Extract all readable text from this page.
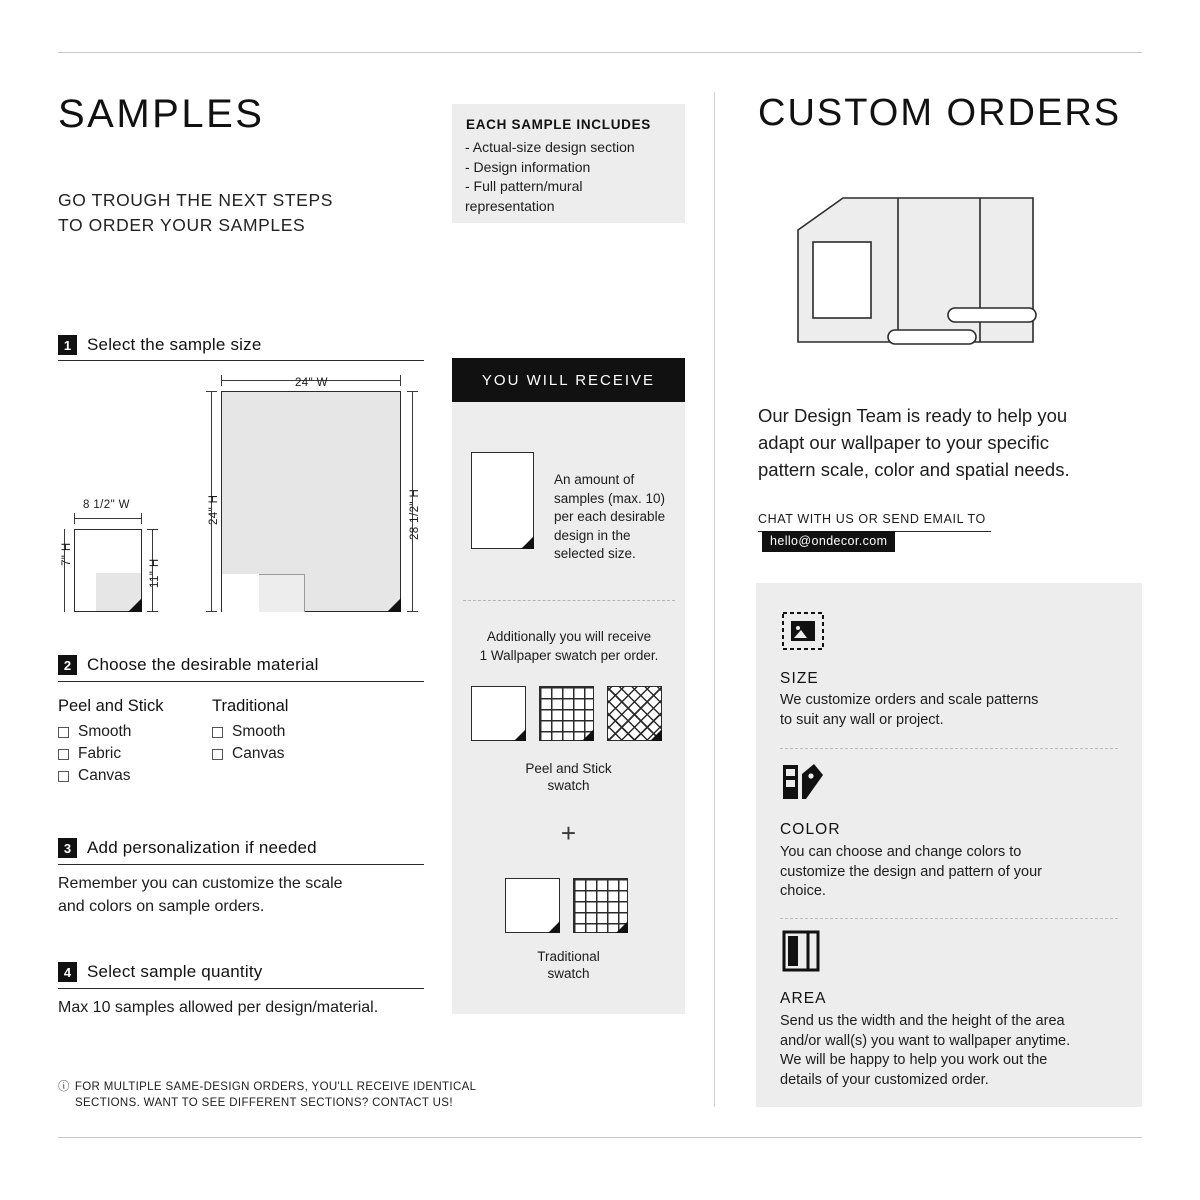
SAMPLES
GO TROUGH THE NEXT STEPS
TO ORDER YOUR SAMPLES
EACH SAMPLE INCLUDES
- Actual-size design section
- Design information
- Full pattern/mural
representation
1 Select the sample size
8 1/2" W
7" H
11" H
24" W
24" H	28 1/2" H
2 Choose the desirable material
Peel and Stick
Smooth
Fabric
Canvas
Traditional
Smooth
Canvas
3 Add personalization if needed
Remember you can customize the scale
and colors on sample orders.
4 Select sample quantity
Max 10 samples allowed per design/material.
ⓘ FOR MULTIPLE SAME-DESIGN ORDERS, YOU'LL RECEIVE IDENTICAL
SECTIONS. WANT TO SEE DIFFERENT SECTIONS? CONTACT US!
YOU WILL RECEIVE
An amount of
samples (max. 10)
per each desirable
design in the
selected size.
Additionally you will receive
1 Wallpaper swatch per order.
Peel and Stick
swatch
+
Traditional
swatch
CUSTOM ORDERS
Our Design Team is ready to help you
adapt our wallpaper to your specific
pattern scale, color and spatial needs.
CHAT WITH US OR SEND EMAIL TO
hello@ondecor.com
SIZE
We customize orders and scale patterns
to suit any wall or project.
COLOR
You can choose and change colors to
customize the design and pattern of your
choice.
AREA
Send us the width and the height of the area
and/or wall(s) you want to wallpaper anytime.
We will be happy to help you work out the
details of your customized order.
